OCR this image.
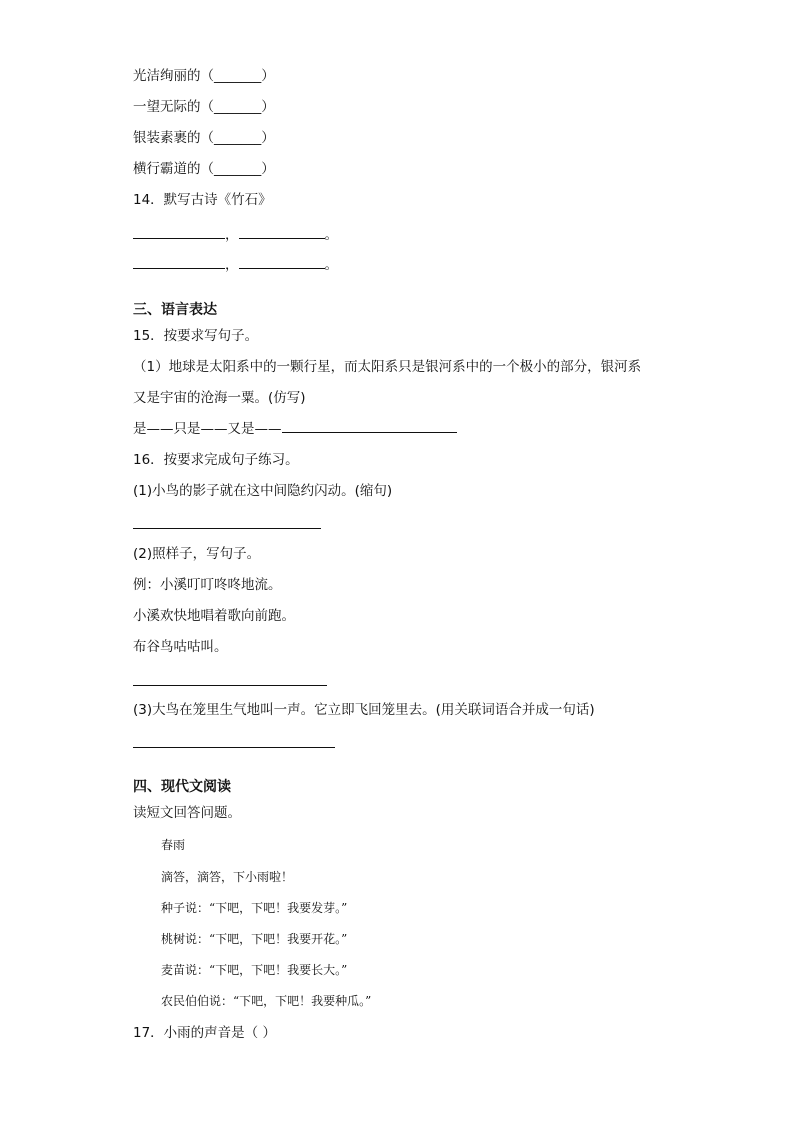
光洁绚丽的（_______）
一望无际的（_______）
银装素裹的（_______）
横行霸道的（_______）
14．默写古诗《竹石》
，	。
，	。
三、语言表达
15．按要求写句子。
（1）地球是太阳系中的一颗行星，而太阳系只是银河系中的一个极小的部分，银河系
又是宇宙的沧海一粟。(仿写)
是——只是——又是——
16．按要求完成句子练习。
(1)小鸟的影子就在这中间隐约闪动。(缩句)
(2)照样子，写句子。
例：小溪叮叮咚咚地流。
小溪欢快地唱着歌向前跑。
布谷鸟咕咕叫。
(3)大鸟在笼里生气地叫一声。它立即飞回笼里去。(用关联词语合并成一句话)
四、现代文阅读
读短文回答问题。
春雨
滴答，滴答，下小雨啦！
种子说：“下吧，下吧！我要发芽。”
桃树说：“下吧，下吧！我要开花。”
麦苗说：“下吧，下吧！我要长大。”
农民伯伯说：“下吧，下吧！我要种瓜。”
17．小雨的声音是（ ）
